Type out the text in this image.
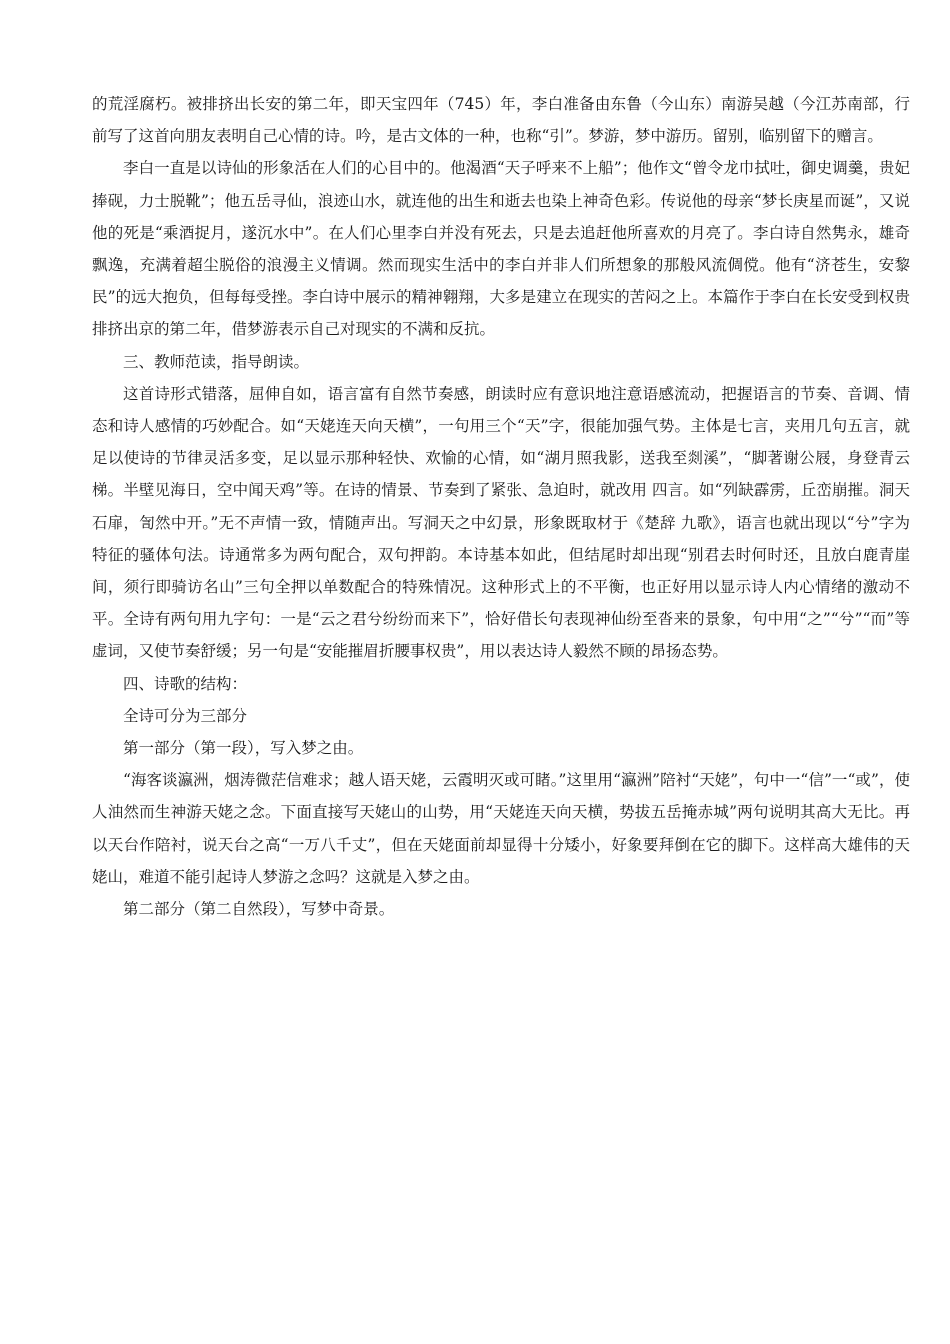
的荒淫腐朽。被排挤出长安的第二年，即天宝四年（745）年，李白准备由东鲁（今山东）南游吴越（今江苏南部，行前写了这首向朋友表明自己心情的诗。吟，是古文体的一种，也称“引”。梦游，梦中游历。留别，临别留下的赠言。

李白一直是以诗仙的形象活在人们的心目中的。他渴酒“天子呼来不上船”；他作文“曾令龙巾拭吐，御史调羹，贵妃捧砚，力士脱靴”；他五岳寻仙，浪迹山水，就连他的出生和逝去也染上神奇色彩。传说他的母亲“梦长庚星而诞”，又说他的死是“乘酒捉月，遂沉水中”。在人们心里李白并没有死去，只是去追赶他所喜欢的月亮了。李白诗自然隽永，雄奇飘逸，充满着超尘脱俗的浪漫主义情调。然而现实生活中的李白并非人们所想象的那般风流倜傥。他有“济苍生，安黎民”的远大抱负，但每每受挫。李白诗中展示的精神翱翔，大多是建立在现实的苦闷之上。本篇作于李白在长安受到权贵排挤出京的第二年，借梦游表示自己对现实的不满和反抗。

三、教师范读，指导朗读。

这首诗形式错落，屈伸自如，语言富有自然节奏感，朗读时应有意识地注意语感流动，把握语言的节奏、音调、情态和诗人感情的巧妙配合。如“天姥连天向天横”，一句用三个“天”字，很能加强气势。主体是七言，夹用几句五言，就足以使诗的节律灵活多变，足以显示那种轻快、欢愉的心情，如“湖月照我影，送我至剡溪”，“脚著谢公屐，身登青云梯。半壁见海日，空中闻天鸡”等。在诗的情景、节奏到了紧张、急迫时，就改用 四言。如“列缺霹雳，丘峦崩摧。洞天石扉，訇然中开。”无不声情一致，情随声出。写洞天之中幻景，形象既取材于《楚辞 九歌》，语言也就出现以“兮”字为特征的骚体句法。诗通常多为两句配合，双句押韵。本诗基本如此，但结尾时却出现“别君去时何时还，且放白鹿青崖间，须行即骑访名山”三句全押以单数配合的特殊情况。这种形式上的不平衡，也正好用以显示诗人内心情绪的激动不平。全诗有两句用九字句：一是“云之君兮纷纷而来下”，恰好借长句表现神仙纷至沓来的景象，句中用“之”“兮”“而”等虚词，又使节奏舒缓；另一句是“安能摧眉折腰事权贵”，用以表达诗人毅然不顾的昂扬态势。

四、诗歌的结构：

全诗可分为三部分

第一部分（第一段），写入梦之由。

“海客谈瀛洲，烟涛微茫信难求；越人语天姥，云霞明灭或可睹。”这里用“瀛洲”陪衬“天姥”，句中一“信”一“或”，使人油然而生神游天姥之念。下面直接写天姥山的山势，用“天姥连天向天横，势拔五岳掩赤城”两句说明其高大无比。再以天台作陪衬，说天台之高“一万八千丈”，但在天姥面前却显得十分矮小，好象要拜倒在它的脚下。这样高大雄伟的天姥山，难道不能引起诗人梦游之念吗？这就是入梦之由。

第二部分（第二自然段），写梦中奇景。
